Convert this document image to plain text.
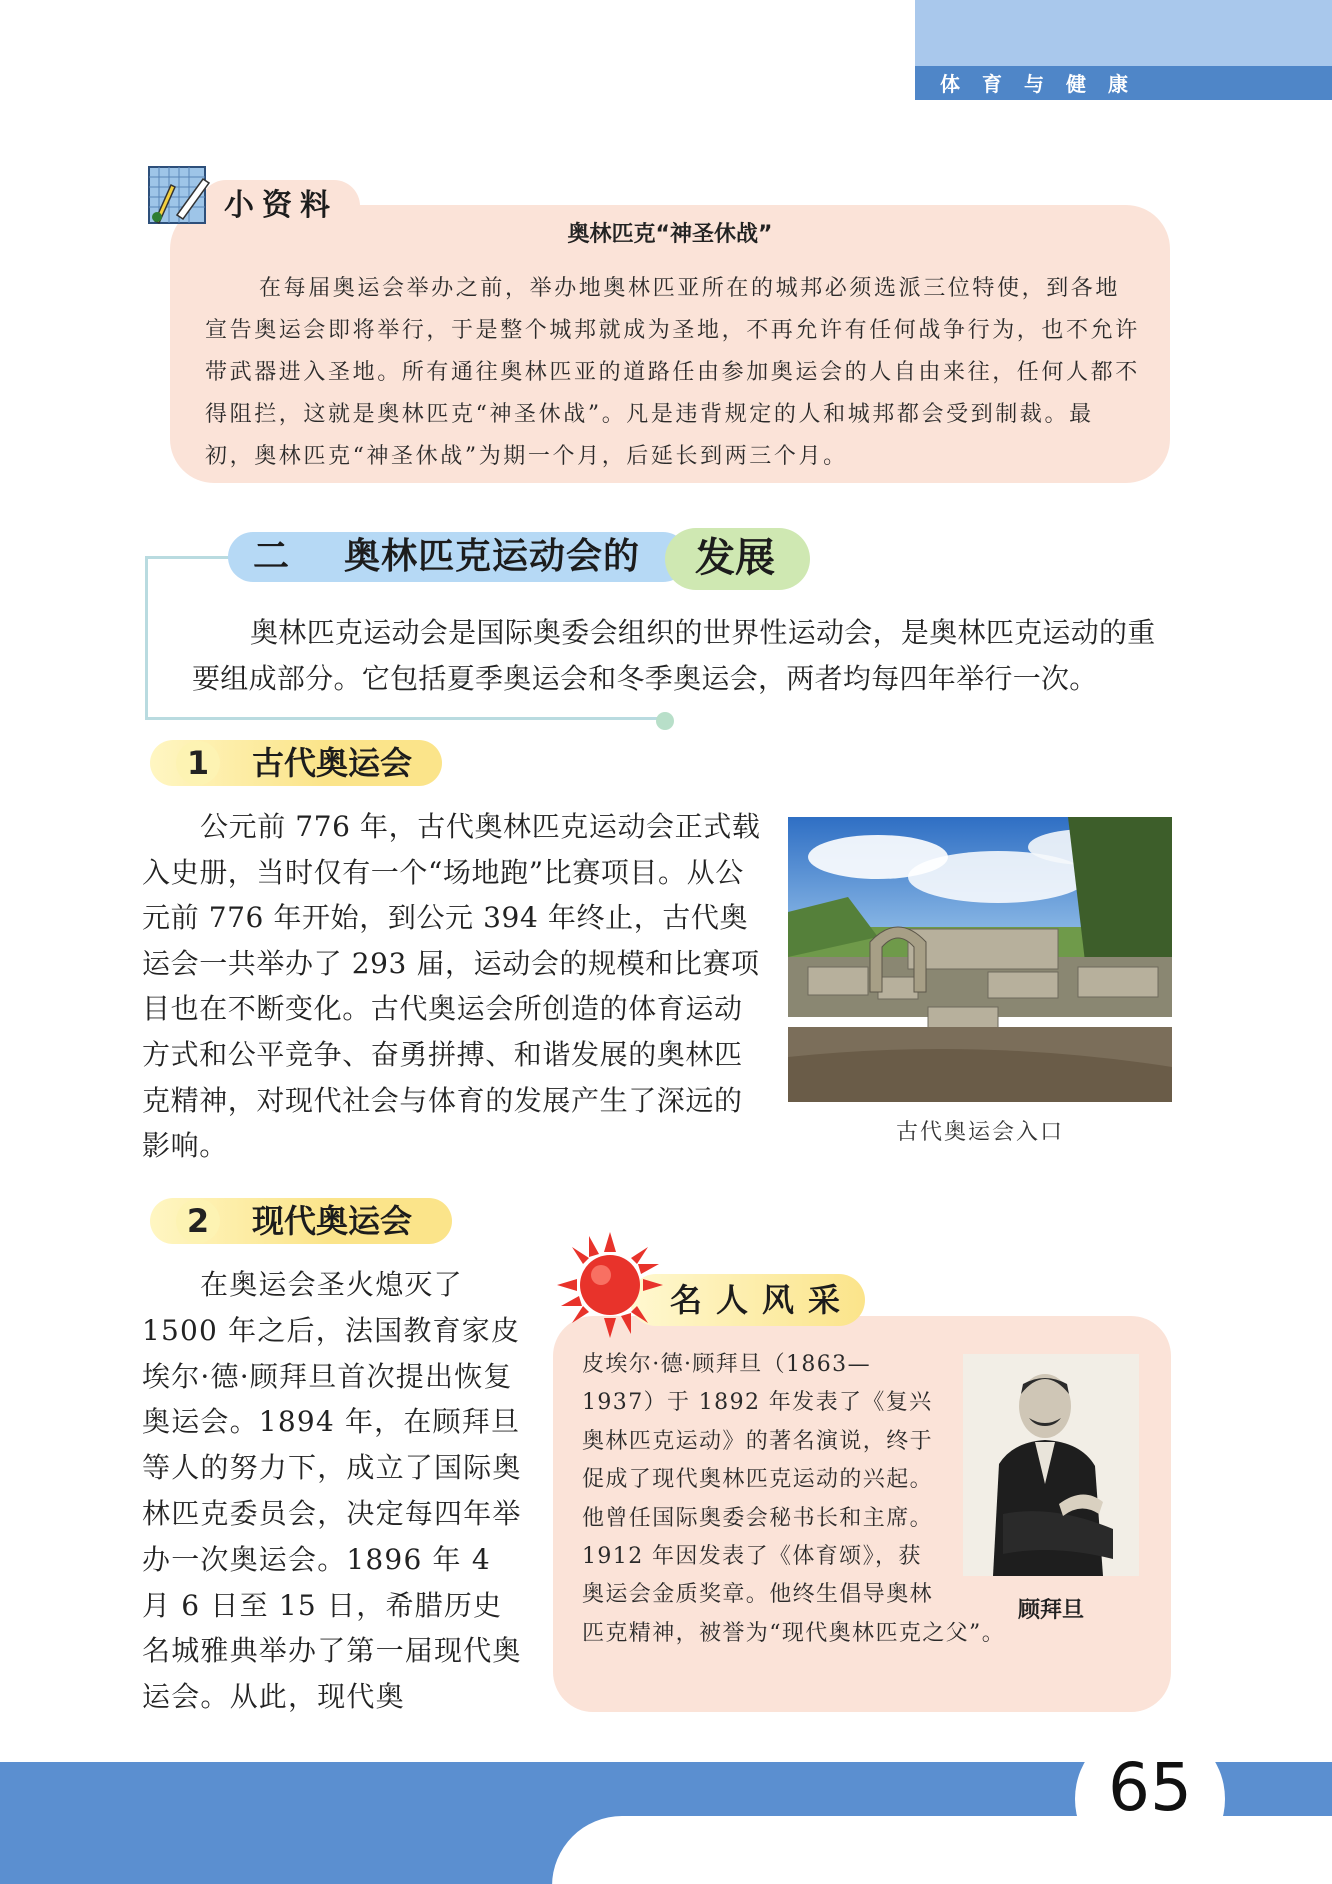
体育与健康
小资料
奥林匹克“神圣休战”
在每届奥运会举办之前，举办地奥林匹亚所在的城邦必须选派三位特使，到各地宣告奥运会即将举行，于是整个城邦就成为圣地，不再允许有任何战争行为，也不允许带武器进入圣地。所有通往奥林匹亚的道路任由参加奥运会的人自由来往，任何人都不得阻拦，这就是奥林匹克“神圣休战”。凡是违背规定的人和城邦都会受到制裁。最初，奥林匹克“神圣休战”为期一个月，后延长到两三个月。
二 奥林匹克运动会的 发展
奥林匹克运动会是国际奥委会组织的世界性运动会，是奥林匹克运动的重要组成部分。它包括夏季奥运会和冬季奥运会，两者均每四年举行一次。
1	古代奥运会
公元前 776 年，古代奥林匹克运动会正式载入史册，当时仅有一个“场地跑”比赛项目。从公元前 776 年开始，到公元 394 年终止，古代奥运会一共举办了 293 届，运动会的规模和比赛项目也在不断变化。古代奥运会所创造的体育运动方式和公平竞争、奋勇拼搏、和谐发展的奥林匹克精神，对现代社会与体育的发展产生了深远的影响。	古代奥运会入口
2	现代奥运会
在奥运会圣火熄灭了 1500 年之后，法国教育家皮埃尔·德·顾拜旦首次提出恢复奥运会。1894 年，在顾拜旦等人的努力下，成立了国际奥林匹克委员会，决定每四年举办一次奥运会。1896 年 4 月 6 日至 15 日，希腊历史名城雅典举办了第一届现代奥运会。从此，现代奥
名人风采
皮埃尔·德·顾拜旦（1863—1937）于 1892 年发表了《复兴奥林匹克运动》的著名演说，终于促成了现代奥林匹克运动的兴起。他曾任国际奥委会秘书长和主席。1912 年因发表了《体育颂》，获奥运会金质奖章。他终生倡导奥林匹克精神，被誉为“现代奥林匹克之父”。
顾拜旦
65
